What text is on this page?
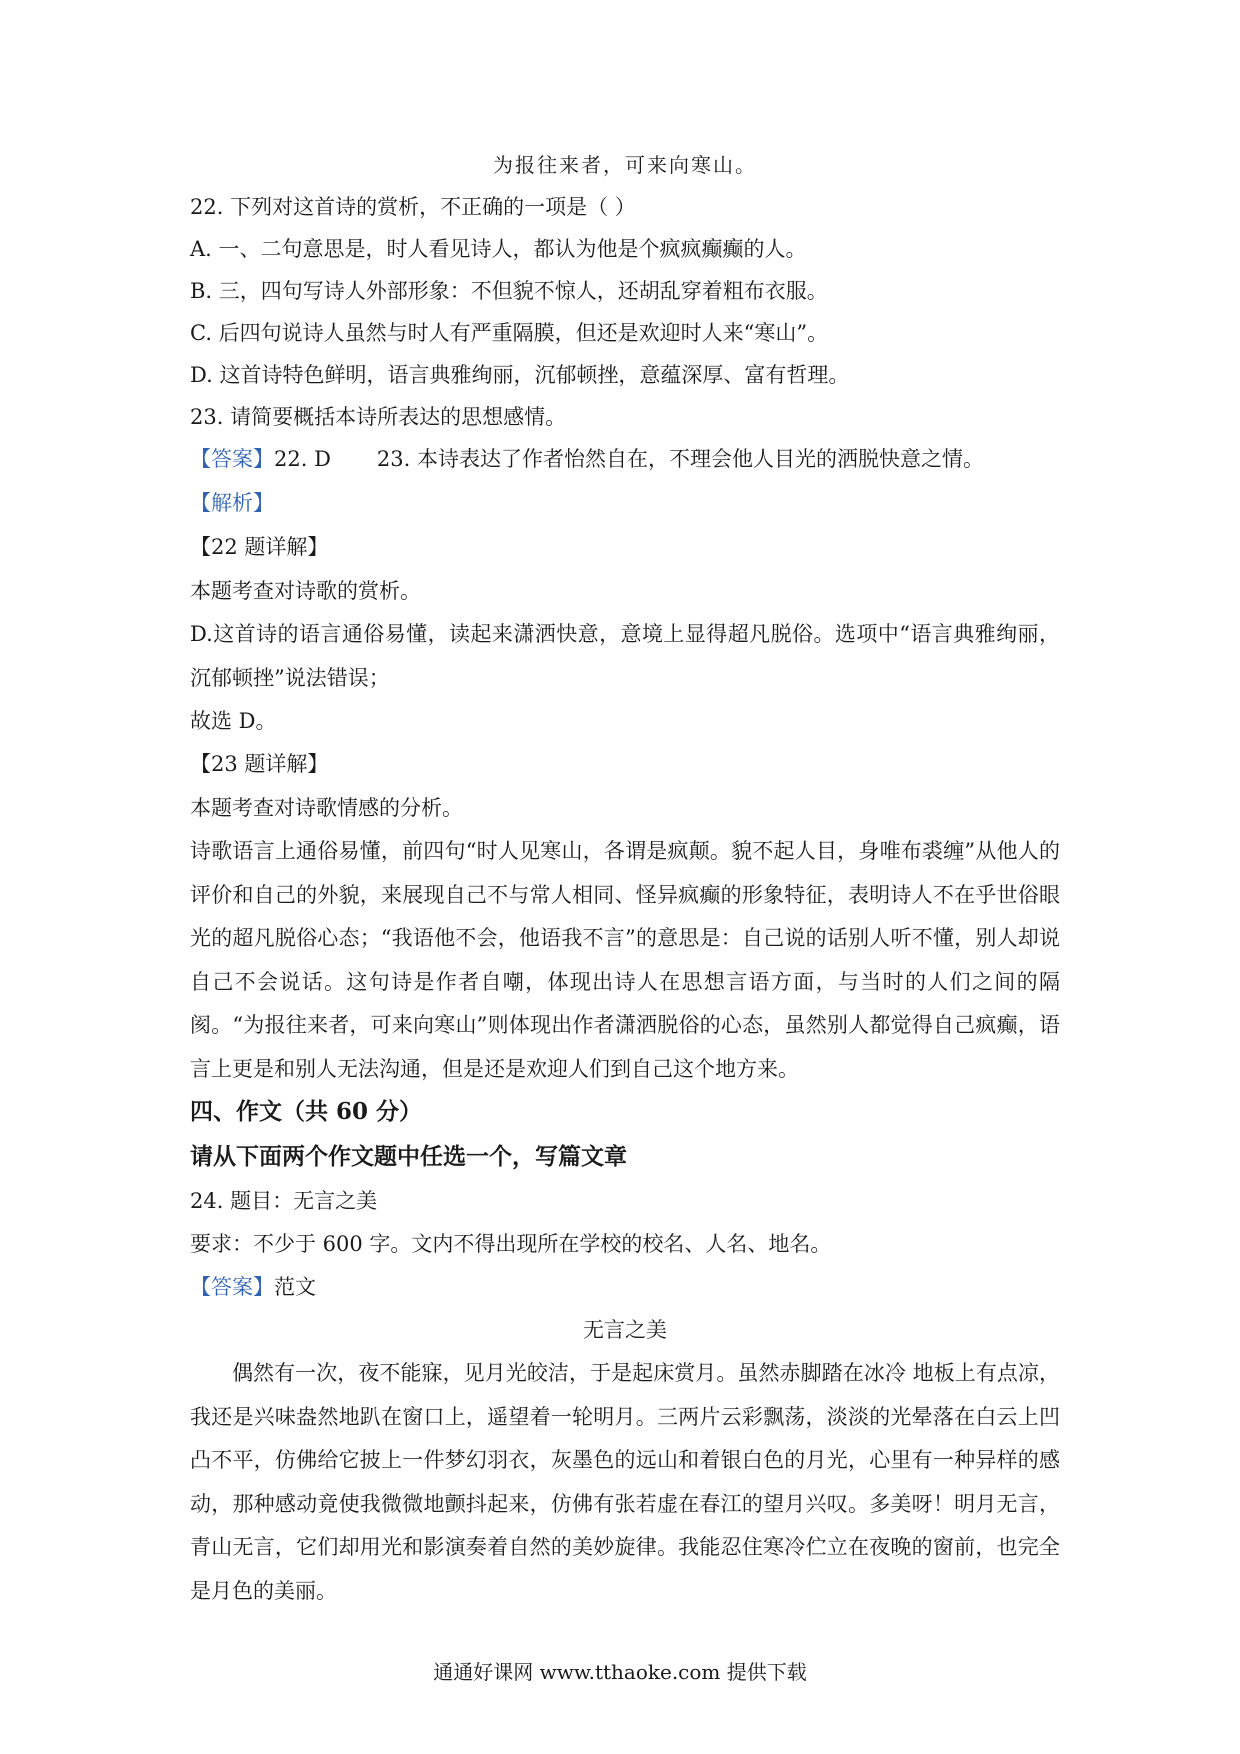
为报往来者，可来向寒山。
22. 下列对这首诗的赏析，不正确的一项是（ ）
A. 一、二句意思是，时人看见诗人，都认为他是个疯疯癫癫的人。
B. 三，四句写诗人外部形象：不但貌不惊人，还胡乱穿着粗布衣服。
C. 后四句说诗人虽然与时人有严重隔膜，但还是欢迎时人来“寒山”。
D. 这首诗特色鲜明，语言典雅绚丽，沉郁顿挫，意蕴深厚、富有哲理。
23. 请简要概括本诗所表达的思想感情。
【答案】22. D 23. 本诗表达了作者怡然自在，不理会他人目光的洒脱快意之情。
【解析】
【22 题详解】
本题考查对诗歌的赏析。
D.这首诗的语言通俗易懂，读起来潇洒快意，意境上显得超凡脱俗。选项中“语言典雅绚丽，沉郁顿挫”说法错误；
故选 D。
【23 题详解】
本题考查对诗歌情感的分析。
诗歌语言上通俗易懂，前四句“时人见寒山，各谓是疯颠。貌不起人目，身唯布裘缠”从他人的评价和自己的外貌，来展现自己不与常人相同、怪异疯癫的形象特征，表明诗人不在乎世俗眼光的超凡脱俗心态；“我语他不会，他语我不言”的意思是：自己说的话别人听不懂，别人却说自己不会说话。这句诗是作者自嘲，体现出诗人在思想言语方面，与当时的人们之间的隔阂。“为报往来者，可来向寒山”则体现出作者潇洒脱俗的心态，虽然别人都觉得自己疯癫，语言上更是和别人无法沟通，但是还是欢迎人们到自己这个地方来。
四、作文（共 60 分）
请从下面两个作文题中任选一个，写篇文章
24. 题目：无言之美
要求：不少于 600 字。文内不得出现所在学校的校名、人名、地名。
【答案】范文
无言之美
偶然有一次，夜不能寐，见月光皎洁，于是起床赏月。虽然赤脚踏在冰冷 地板上有点凉，我还是兴味盎然地趴在窗口上，遥望着一轮明月。三两片云彩飘荡，淡淡的光晕落在白云上凹凸不平，仿佛给它披上一件梦幻羽衣，灰墨色的远山和着银白色的月光，心里有一种异样的感动，那种感动竟使我微微地颤抖起来，仿佛有张若虚在春江的望月兴叹。多美呀！明月无言，青山无言，它们却用光和影演奏着自然的美妙旋律。我能忍住寒冷伫立在夜晚的窗前，也完全是月色的美丽。
通通好课网 www.tthaoke.com 提供下载
